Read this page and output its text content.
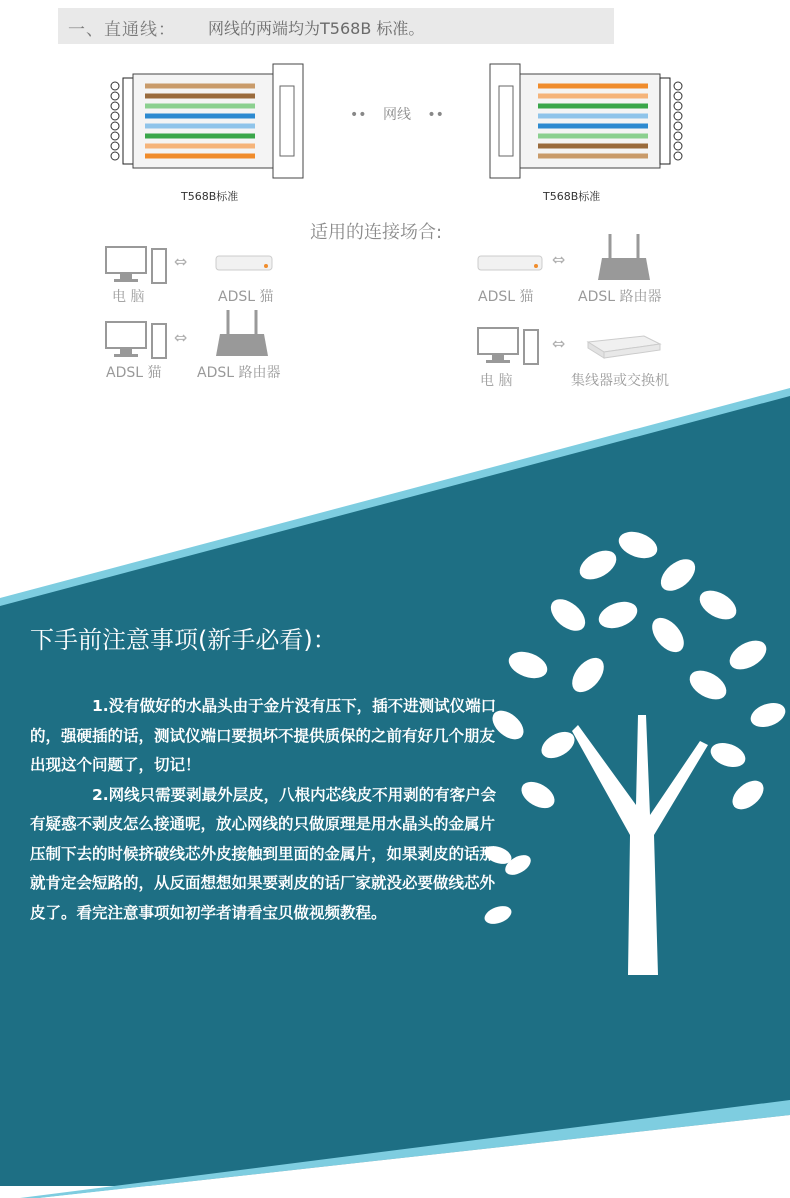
一、直通线： 网线的两端均为T568B 标准。
T568B标准
•• 网线 ••
T568B标准
适用的连接场合:
⇔
电 脑	ADSL 猫
⇔
ADSL 猫	ADSL 路由器
⇔
ADSL 猫	ADSL 路由器
⇔
电 脑	集线器或交换机
下手前注意事项(新手必看)：

1.没有做好的水晶头由于金片没有压下，插不进测试仪端口的，强硬插的话，测试仪端口要损坏不提供质保的之前有好几个朋友出现这个问题了，切记！

2.网线只需要剥最外层皮，八根内芯线皮不用剥的有客户会有疑惑不剥皮怎么接通呢，放心网线的只做原理是用水晶头的金属片压制下去的时候挤破线芯外皮接触到里面的金属片，如果剥皮的话那就肯定会短路的，从反面想想如果要剥皮的话厂家就没必要做线芯外皮了。看完注意事项如初学者请看宝贝做视频教程。
